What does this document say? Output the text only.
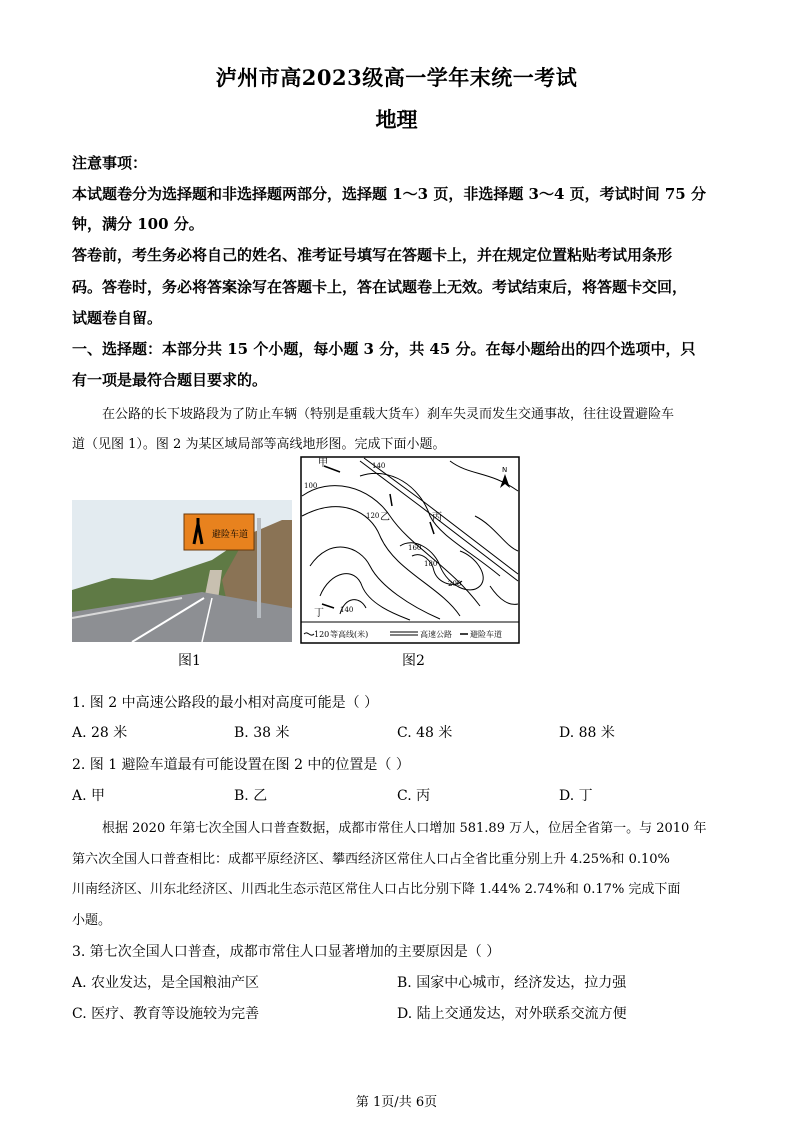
泸州市高2023级高一学年末统一考试
地理
注意事项：
本试题卷分为选择题和非选择题两部分，选择题 1～3 页，非选择题 3～4 页，考试时间 75 分
钟，满分 100 分。
答卷前，考生务必将自己的姓名、准考证号填写在答题卡上，并在规定位置粘贴考试用条形
码。答卷时，务必将答案涂写在答题卡上，答在试题卷上无效。考试结束后，将答题卡交回，
试题卷自留。
一、选择题：本部分共 15 个小题，每小题 3 分，共 45 分。在每小题给出的四个选项中，只
有一项是最符合题目要求的。
在公路的长下坡路段为了防止车辆（特别是重载大货车）刹车失灵而发生交通事故，往往设置避险车
道（见图 1）。图 2 为某区域局部等高线地形图。完成下面小题。
避险车道
图1
N
甲
乙	丙
丁
140
100
120
160
180
200
140
120 等高线(米)	高速公路 避险车道
图2
1. 图 2 中高速公路段的最小相对高度可能是（ ）
A. 28 米	B. 38 米	C. 48 米	D. 88 米
2. 图 1 避险车道最有可能设置在图 2 中的位置是（ ）
A. 甲	B. 乙	C. 丙	D. 丁
根据 2020 年第七次全国人口普查数据，成都市常住人口增加 581.89 万人，位居全省第一。与 2010 年
第六次全国人口普查相比：成都平原经济区、攀西经济区常住人口占全省比重分别上升 4.25%和 0.10%
川南经济区、川东北经济区、川西北生态示范区常住人口占比分别下降 1.44% 2.74%和 0.17% 完成下面
小题。
3. 第七次全国人口普查，成都市常住人口显著增加的主要原因是（ ）
A. 农业发达，是全国粮油产区	B. 国家中心城市，经济发达，拉力强
C. 医疗、教育等设施较为完善	D. 陆上交通发达，对外联系交流方便
第 1页/共 6页
